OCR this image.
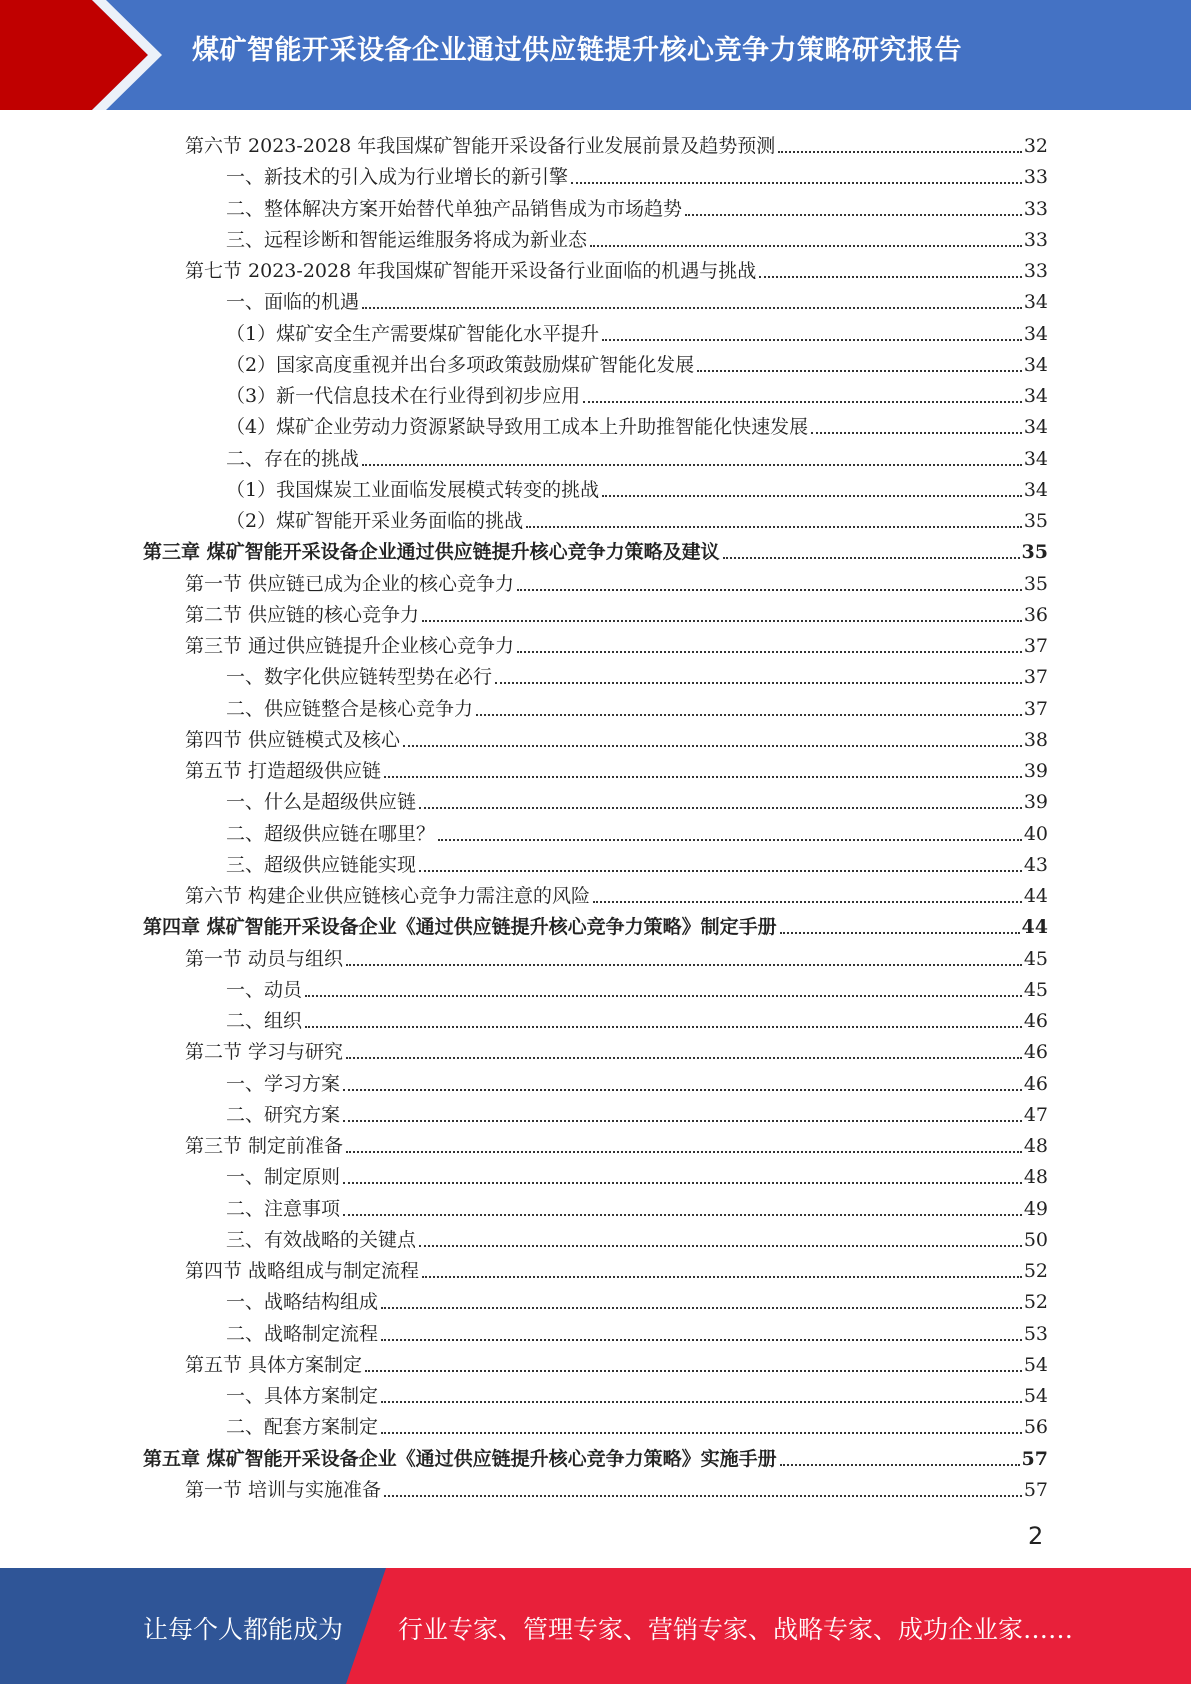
煤矿智能开采设备企业通过供应链提升核心竞争力策略研究报告
第六节 2023-2028 年我国煤矿智能开采设备行业发展前景及趋势预测	32
一、新技术的引入成为行业增长的新引擎	33
二、整体解决方案开始替代单独产品销售成为市场趋势	33
三、远程诊断和智能运维服务将成为新业态	33
第七节 2023-2028 年我国煤矿智能开采设备行业面临的机遇与挑战	33
一、面临的机遇	34
（1）煤矿安全生产需要煤矿智能化水平提升	34
（2）国家高度重视并出台多项政策鼓励煤矿智能化发展	34
（3）新一代信息技术在行业得到初步应用	34
（4）煤矿企业劳动力资源紧缺导致用工成本上升助推智能化快速发展	34
二、存在的挑战	34
（1）我国煤炭工业面临发展模式转变的挑战	34
（2）煤矿智能开采业务面临的挑战	35
第三章 煤矿智能开采设备企业通过供应链提升核心竞争力策略及建议	35
第一节 供应链已成为企业的核心竞争力	35
第二节 供应链的核心竞争力	36
第三节 通过供应链提升企业核心竞争力	37
一、数字化供应链转型势在必行	37
二、供应链整合是核心竞争力	37
第四节 供应链模式及核心	38
第五节 打造超级供应链	39
一、什么是超级供应链	39
二、超级供应链在哪里？	40
三、超级供应链能实现	43
第六节 构建企业供应链核心竞争力需注意的风险	44
第四章 煤矿智能开采设备企业《通过供应链提升核心竞争力策略》制定手册	44
第一节 动员与组织	45
一、动员	45
二、组织	46
第二节 学习与研究	46
一、学习方案	46
二、研究方案	47
第三节 制定前准备	48
一、制定原则	48
二、注意事项	49
三、有效战略的关键点	50
第四节 战略组成与制定流程	52
一、战略结构组成	52
二、战略制定流程	53
第五节 具体方案制定	54
一、具体方案制定	54
二、配套方案制定	56
第五章 煤矿智能开采设备企业《通过供应链提升核心竞争力策略》实施手册	57
第一节 培训与实施准备	57
2
让每个人都能成为 行业专家、管理专家、营销专家、战略专家、成功企业家……
